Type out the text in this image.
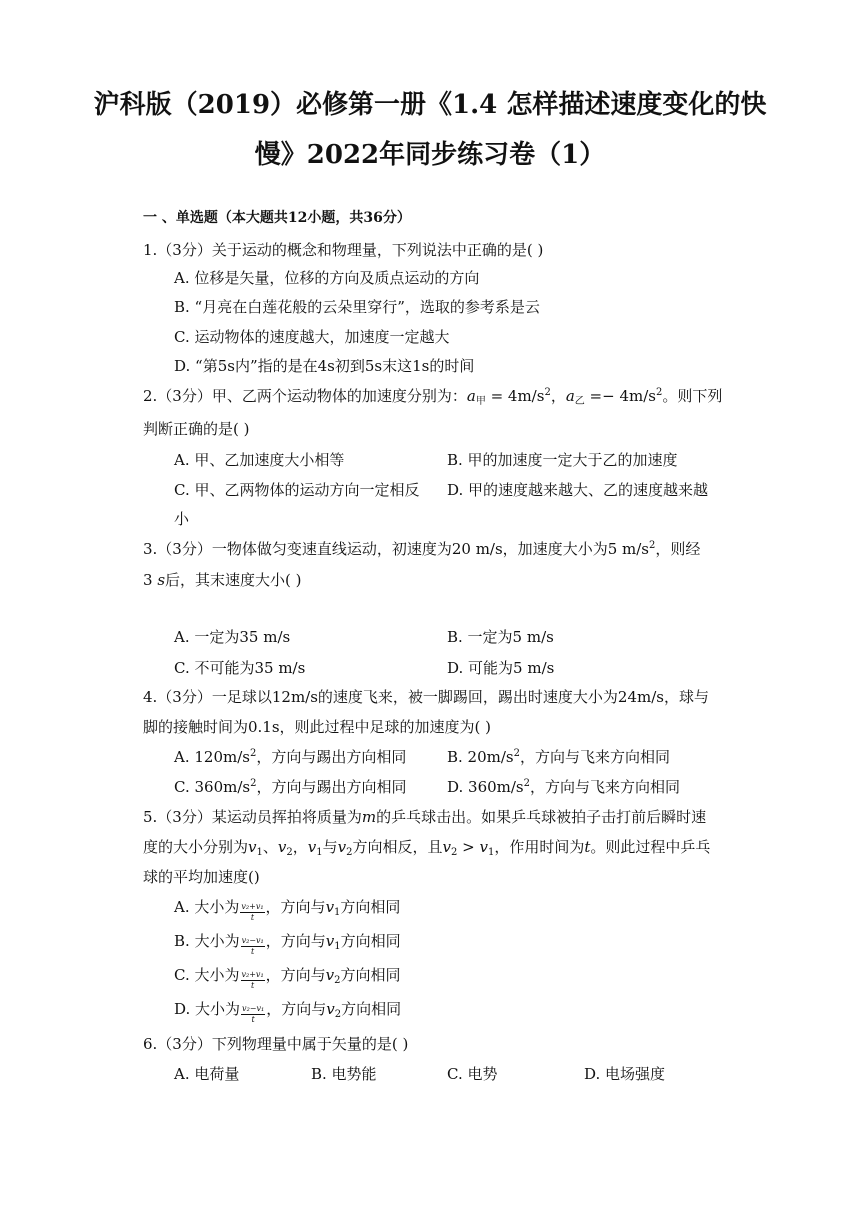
沪科版（2019）必修第一册《1.4 怎样描述速度变化的快
慢》2022年同步练习卷（1）
一 、单选题（本大题共12小题，共36分）
1.（3分）关于运动的概念和物理量，下列说法中正确的是( )
A. 位移是矢量，位移的方向及质点运动的方向
B. “月亮在白莲花般的云朵里穿行”，选取的参考系是云
C. 运动物体的速度越大，加速度一定越大
D. “第5s内”指的是在4s初到5s末这1s的时间
2.（3分）甲、乙两个运动物体的加速度分别为：$a_甲 = 4m/s^2$，$a_乙 =- 4m/s^2$。则下列
判断正确的是( )
A. 甲、乙加速度大小相等	B. 甲的加速度一定大于乙的加速度
C. 甲、乙两物体的运动方向一定相反 D. 甲的速度越来越大、乙的速度越来越
小
3.（3分）一物体做匀变速直线运动，初速度为20 m/s，加速度大小为5 $m/s^2$，则经
3 s后，其末速度大小( )
A. 一定为35 m/s	B. 一定为5 m/s
C. 不可能为35 m/s	D. 可能为5 m/s
4.（3分）一足球以12m/s的速度飞来，被一脚踢回，踢出时速度大小为24m/s，球与
脚的接触时间为0.1s，则此过程中足球的加速度为( )
A. $120m/s^2$，方向与踢出方向相同	B. $20m/s^2$，方向与飞来方向相同
C. $360m/s^2$，方向与踢出方向相同	D. $360m/s^2$，方向与飞来方向相同
5.（3分）某运动员挥拍将质量为m的乒乓球击出。如果乒乓球被拍子击打前后瞬时速
度的大小分别为$v_1$、$v_2$，$v_1$与$v_2$方向相反，且$v_2 > v_1$，作用时间为t。则此过程中乒乓
球的平均加速度()
A. 大小为 $\frac{\text{v₂+v₁}}{t}$ ，方向与$v_1$方向相同
B. 大小为 $\frac{\text{v₂−v₁}}{t}$ ，方向与$v_1$方向相同
C. 大小为 $\frac{\text{v₂+v₁}}{t}$ ，方向与$v_2$方向相同
D. 大小为 $\frac{\text{v₂−v₁}}{t}$ ，方向与$v_2$方向相同
6.（3分）下列物理量中属于矢量的是( )
A. 电荷量	B. 电势能	C. 电势	D. 电场强度
